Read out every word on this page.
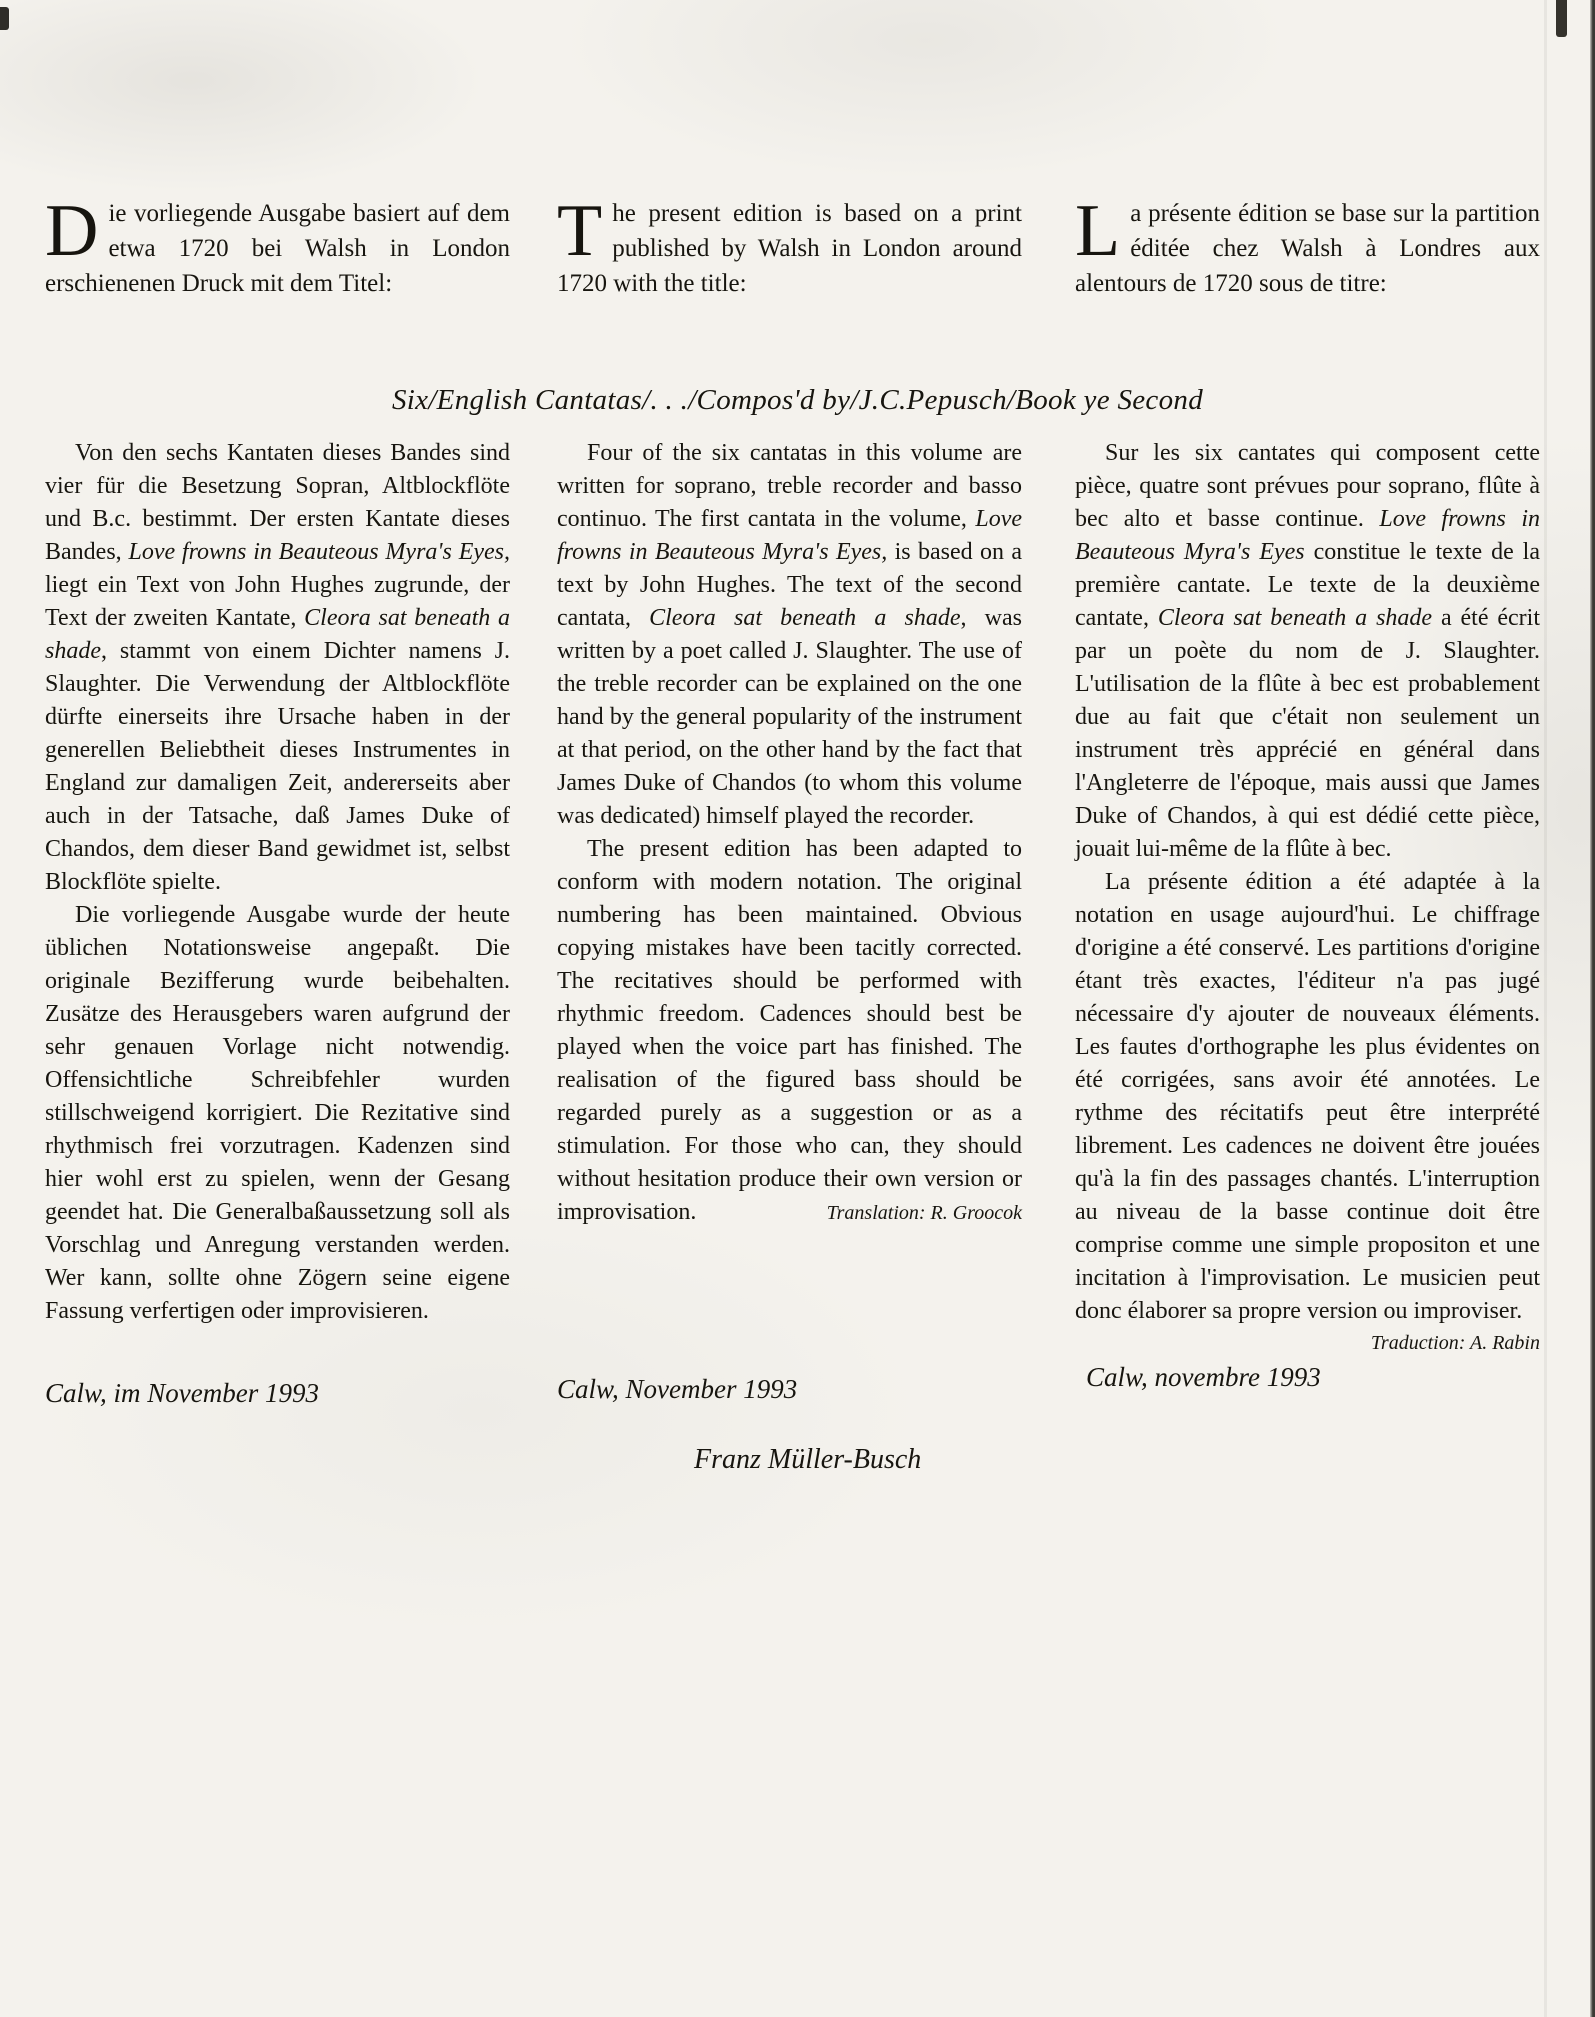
Die vorliegende Ausgabe basiert auf dem etwa 1720 bei Walsh in London erschienenen Druck mit dem Titel:

The present edition is based on a print published by Walsh in London around 1720 with the title:

La présente édition se base sur la partition éditée chez Walsh à Londres aux alentours de 1720 sous de titre:

Six/English Cantatas/. . ./Compos'd by/J.C.Pepusch/Book ye Second

Von den sechs Kantaten dieses Bandes sind vier für die Besetzung Sopran, Altblockflöte und B.c. bestimmt. Der ersten Kantate dieses Bandes, Love frowns in Beauteous Myra's Eyes, liegt ein Text von John Hughes zugrunde, der Text der zweiten Kantate, Cleora sat beneath a shade, stammt von einem Dichter namens J. Slaughter. Die Verwendung der Altblockflöte dürfte einerseits ihre Ursache haben in der generellen Beliebtheit dieses Instrumentes in England zur damaligen Zeit, andererseits aber auch in der Tatsache, daß James Duke of Chandos, dem dieser Band gewidmet ist, selbst Blockflöte spielte.

Die vorliegende Ausgabe wurde der heute üblichen Notationsweise angepaßt. Die originale Bezifferung wurde beibehalten. Zusätze des Herausgebers waren aufgrund der sehr genauen Vorlage nicht notwendig. Offensichtliche Schreibfehler wurden stillschweigend korrigiert. Die Rezitative sind rhythmisch frei vorzutragen. Kadenzen sind hier wohl erst zu spielen, wenn der Gesang geendet hat. Die Generalbaßaussetzung soll als Vorschlag und Anregung verstanden werden. Wer kann, sollte ohne Zögern seine eigene Fassung verfertigen oder improvisieren.

Four of the six cantatas in this volume are written for soprano, treble recorder and basso continuo. The first cantata in the volume, Love frowns in Beauteous Myra's Eyes, is based on a text by John Hughes. The text of the second cantata, Cleora sat beneath a shade, was written by a poet called J. Slaughter. The use of the treble recorder can be explained on the one hand by the general popularity of the instrument at that period, on the other hand by the fact that James Duke of Chandos (to whom this volume was dedicated) himself played the recorder.

The present edition has been adapted to conform with modern notation. The original numbering has been maintained. Obvious copying mistakes have been tacitly corrected. The recitatives should be performed with rhythmic freedom. Cadences should best be played when the voice part has finished. The realisation of the figured bass should be regarded purely as a suggestion or as a stimulation. For those who can, they should without hesitation produce their own version or improvisation.	Translation: R. Groocok

Sur les six cantates qui composent cette pièce, quatre sont prévues pour soprano, flûte à bec alto et basse continue. Love frowns in Beauteous Myra's Eyes constitue le texte de la première cantate. Le texte de la deuxième cantate, Cleora sat beneath a shade a été écrit par un poète du nom de J. Slaughter. L'utilisation de la flûte à bec est probablement due au fait que c'était non seulement un instrument très apprécié en général dans l'Angleterre de l'époque, mais aussi que James Duke of Chandos, à qui est dédié cette pièce, jouait lui-même de la flûte à bec.

La présente édition a été adaptée à la notation en usage aujourd'hui. Le chiffrage d'origine a été conservé. Les partitions d'origine étant très exactes, l'éditeur n'a pas jugé nécessaire d'y ajouter de nouveaux éléments. Les fautes d'orthographe les plus évidentes on été corrigées, sans avoir été annotées. Le rythme des récitatifs peut être interprété librement. Les cadences ne doivent être jouées qu'à la fin des passages chantés. L'interruption au niveau de la basse continue doit être comprise comme une simple propositon et une incitation à l'improvisation. Le musicien peut donc élaborer sa propre version ou improviser.

Traduction: A. Rabin
Calw, im November 1993	Calw, November 1993	Calw, novembre 1993
Franz Müller-Busch
